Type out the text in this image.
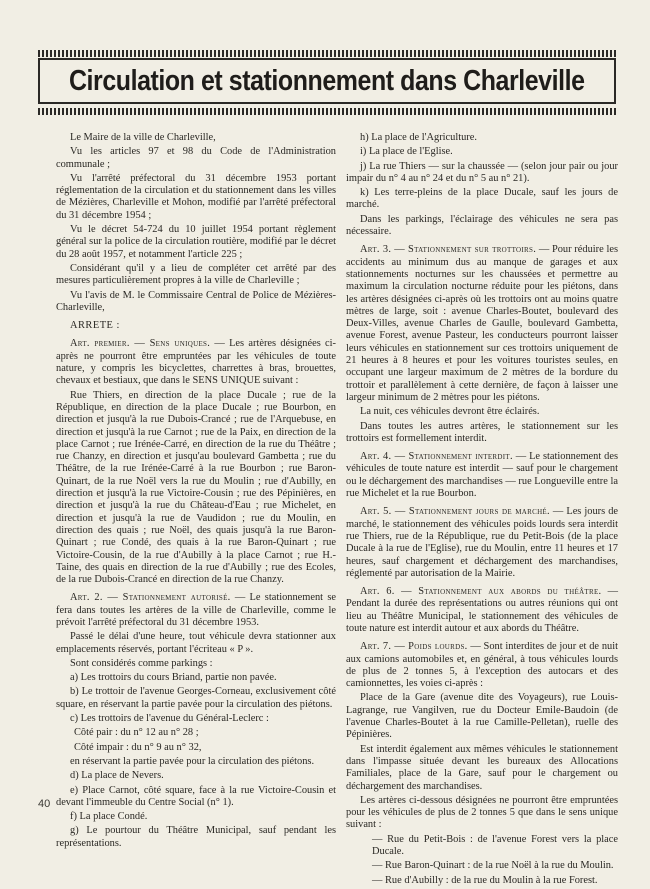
Circulation et stationnement dans Charleville

Le Maire de la ville de Charleville,

Vu les articles 97 et 98 du Code de l'Administration communale ;

Vu l'arrêté préfectoral du 31 décembre 1953 portant réglementation de la circulation et du stationnement dans les villes de Mézières, Charleville et Mohon, modifié par l'arrêté préfectoral du 31 décembre 1954 ;

Vu le décret 54-724 du 10 juillet 1954 portant règlement général sur la police de la circulation routière, modifié par le décret du 28 août 1957, et notamment l'article 225 ;

Considérant qu'il y a lieu de compléter cet arrêté par des mesures particulièrement propres à la ville de Charleville ;

Vu l'avis de M. le Commissaire Central de Police de Mézières-Charleville,

ARRETE :

Art. premier. — Sens uniques. — Les artères désignées ci-après ne pourront être empruntées par les véhicules de toute nature, y compris les bicyclettes, charrettes à bras, brouettes, chevaux et bestiaux, que dans le SENS UNIQUE suivant :

Rue Thiers, en direction de la place Ducale ; rue de la République, en direction de la place Ducale ; rue Bourbon, en direction et jusqu'à la rue Dubois-Crancé ; rue de l'Arquebuse, en direction et jusqu'à la rue Carnot ; rue de la Paix, en direction de la place Carnot ; rue Irénée-Carré, en direction de la rue du Théâtre ; rue Chanzy, en direction et jusqu'au boulevard Gambetta ; rue du Théâtre, de la rue Irénée-Carré à la rue Bourbon ; rue Baron-Quinart, de la rue Noël vers la rue du Moulin ; rue d'Aubilly, en direction et jusqu'à la rue Victoire-Cousin ; rue des Pépinières, en direction et jusqu'à la rue du Château-d'Eau ; rue Michelet, en direction et jusqu'à la rue de Vaudidon ; rue du Moulin, en direction des quais ; rue Noël, des quais jusqu'à la rue Baron-Quinart ; rue Condé, des quais à la rue Baron-Quinart ; rue Victoire-Cousin, de la rue d'Aubilly à la place Carnot ; rue H.-Taine, des quais en direction de la rue d'Aubilly ; rue des Ecoles, de la rue Dubois-Crancé en direction de la rue Chanzy.

Art. 2. — Stationnement autorisé. — Le stationnement se fera dans toutes les artères de la ville de Charleville, comme le prévoit l'arrêté préfectoral du 31 décembre 1953.

Passé le délai d'une heure, tout véhicule devra stationner aux emplacements réservés, portant l'écriteau « P ».

Sont considérés comme parkings :

a) Les trottoirs du cours Briand, partie non pavée.

b) Le trottoir de l'avenue Georges-Corneau, exclusivement côté square, en réservant la partie pavée pour la circulation des piétons.

c) Les trottoirs de l'avenue du Général-Leclerc :

Côté pair : du n° 12 au n° 28 ;

Côté impair : du n° 9 au n° 32,

en réservant la partie pavée pour la circulation des piétons.

d) La place de Nevers.

e) Place Carnot, côté square, face à la rue Victoire-Cousin et devant l'immeuble du Centre Social (n° 1).

f) La place Condé.

g) Le pourtour du Théâtre Municipal, sauf pendant les représentations.

h) La place de l'Agriculture.

i) La place de l'Eglise.

j) La rue Thiers — sur la chaussée — (selon jour pair ou jour impair du n° 4 au n° 24 et du n° 5 au n° 21).

k) Les terre-pleins de la place Ducale, sauf les jours de marché.

Dans les parkings, l'éclairage des véhicules ne sera pas nécessaire.

Art. 3. — Stationnement sur trottoirs. — Pour réduire les accidents au minimum dus au manque de garages et aux stationnements nocturnes sur les chaussées et permettre au maximum la circulation nocturne réduite pour les piétons, dans les artères désignées ci-après où les trottoirs ont au moins quatre mètres de large, soit : avenue Charles-Boutet, boulevard des Deux-Villes, avenue Charles de Gaulle, boulevard Gambetta, avenue Forest, avenue Pasteur, les conducteurs pourront laisser leurs véhicules en stationnement sur ces trottoirs uniquement de 21 heures à 8 heures et pour les voitures touristes seules, en occupant une largeur maximum de 2 mètres de la bordure du trottoir et parallèlement à cette dernière, de façon à laisser une largeur minimum de 2 mètres pour les piétons.

La nuit, ces véhicules devront être éclairés.

Dans toutes les autres artères, le stationnement sur les trottoirs est formellement interdit.

Art. 4. — Stationnement interdit. — Le stationnement des véhicules de toute nature est interdit — sauf pour le chargement ou le déchargement des marchandises — rue Longueville entre la rue Michelet et la rue Bourbon.

Art. 5. — Stationnement jours de marché. — Les jours de marché, le stationnement des véhicules poids lourds sera interdit rue Thiers, rue de la République, rue du Petit-Bois (de la place Ducale à la rue de l'Eglise), rue du Moulin, entre 11 heures et 17 heures, sauf chargement et déchargement des marchandises, réglementé par autorisation de la Mairie.

Art. 6. — Stationnement aux abords du théâtre. — Pendant la durée des représentations ou autres réunions qui ont lieu au Théâtre Municipal, le stationnement des véhicules de toute nature est interdit autour et aux abords du Théâtre.

Art. 7. — Poids lourds. — Sont interdites de jour et de nuit aux camions automobiles et, en général, à tous véhicules lourds de plus de 2 tonnes 5, à l'exception des autocars et des camionnettes, les voies ci-après :

Place de la Gare (avenue dite des Voyageurs), rue Louis-Lagrange, rue Vangilven, rue du Docteur Emile-Baudoin (de l'avenue Charles-Boutet à la rue Camille-Pelletan), ruelle des Pépinières.

Est interdit également aux mêmes véhicules le stationnement dans l'impasse située devant les bureaux des Allocations Familiales, place de la Gare, sauf pour le chargement ou déchargement des marchandises.

Les artères ci-dessous désignées ne pourront être empruntées pour les véhicules de plus de 2 tonnes 5 que dans le sens unique suivant :

— Rue du Petit-Bois : de l'avenue Forest vers la place Ducale.

— Rue Baron-Quinart : de la rue Noël à la rue du Moulin.

— Rue d'Aubilly : de la rue du Moulin à la rue Forest.

40
